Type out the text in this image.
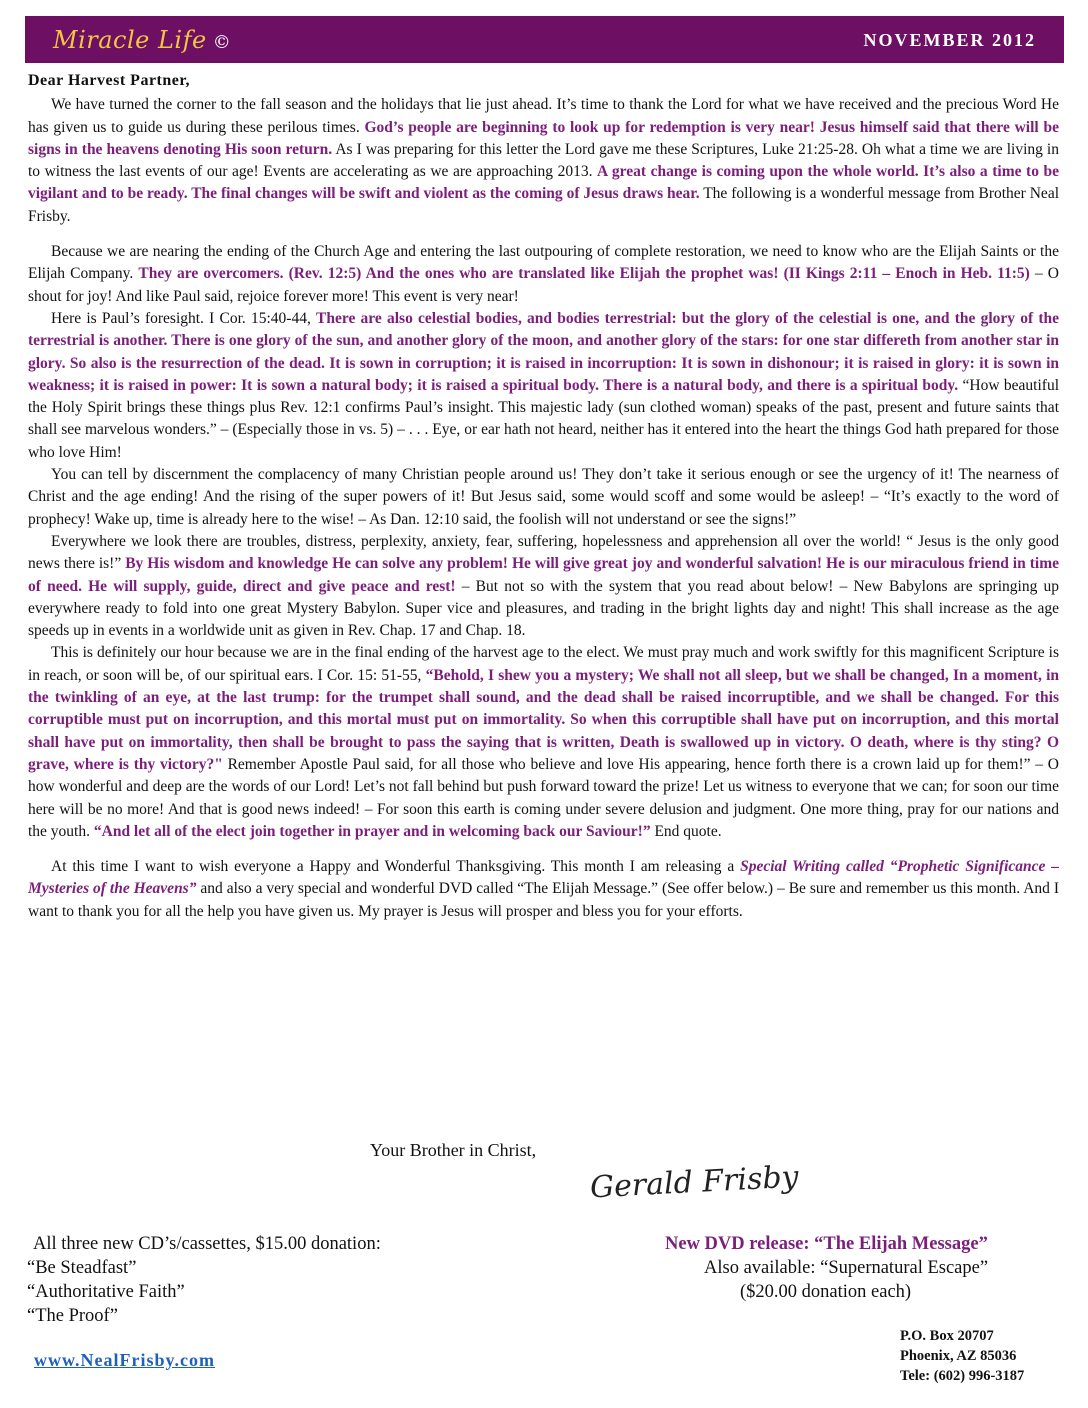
Miracle Life ©	NOVEMBER 2012
Dear Harvest Partner,

We have turned the corner to the fall season and the holidays that lie just ahead. It’s time to thank the Lord for what we have received and the precious Word He has given us to guide us during these perilous times. God’s people are beginning to look up for redemption is very near! Jesus himself said that there will be signs in the heavens denoting His soon return. As I was preparing for this letter the Lord gave me these Scriptures, Luke 21:25-28. Oh what a time we are living in to witness the last events of our age! Events are accelerating as we are approaching 2013. A great change is coming upon the whole world. It’s also a time to be vigilant and to be ready. The final changes will be swift and violent as the coming of Jesus draws hear. The following is a wonderful message from Brother Neal Frisby.

Because we are nearing the ending of the Church Age and entering the last outpouring of complete restoration, we need to know who are the Elijah Saints or the Elijah Company. They are overcomers. (Rev. 12:5) And the ones who are translated like Elijah the prophet was! (II Kings 2:11 – Enoch in Heb. 11:5) – O shout for joy! And like Paul said, rejoice forever more! This event is very near!

Here is Paul’s foresight. I Cor. 15:40-44, There are also celestial bodies, and bodies terrestrial: but the glory of the celestial is one, and the glory of the terrestrial is another. There is one glory of the sun, and another glory of the moon, and another glory of the stars: for one star differeth from another star in glory. So also is the resurrection of the dead. It is sown in corruption; it is raised in incorruption: It is sown in dishonour; it is raised in glory: it is sown in weakness; it is raised in power: It is sown a natural body; it is raised a spiritual body. There is a natural body, and there is a spiritual body. “How beautiful the Holy Spirit brings these things plus Rev. 12:1 confirms Paul’s insight. This majestic lady (sun clothed woman) speaks of the past, present and future saints that shall see marvelous wonders.” – (Especially those in vs. 5) – . . . Eye, or ear hath not heard, neither has it entered into the heart the things God hath prepared for those who love Him!

You can tell by discernment the complacency of many Christian people around us! They don’t take it serious enough or see the urgency of it! The nearness of Christ and the age ending! And the rising of the super powers of it! But Jesus said, some would scoff and some would be asleep! – “It’s exactly to the word of prophecy! Wake up, time is already here to the wise! – As Dan. 12:10 said, the foolish will not understand or see the signs!”

Everywhere we look there are troubles, distress, perplexity, anxiety, fear, suffering, hopelessness and apprehension all over the world! “ Jesus is the only good news there is!” By His wisdom and knowledge He can solve any problem! He will give great joy and wonderful salvation! He is our miraculous friend in time of need. He will supply, guide, direct and give peace and rest! – But not so with the system that you read about below! – New Babylons are springing up everywhere ready to fold into one great Mystery Babylon. Super vice and pleasures, and trading in the bright lights day and night! This shall increase as the age speeds up in events in a worldwide unit as given in Rev. Chap. 17 and Chap. 18.

This is definitely our hour because we are in the final ending of the harvest age to the elect. We must pray much and work swiftly for this magnificent Scripture is in reach, or soon will be, of our spiritual ears. I Cor. 15: 51-55, “Behold, I shew you a mystery; We shall not all sleep, but we shall be changed, In a moment, in the twinkling of an eye, at the last trump: for the trumpet shall sound, and the dead shall be raised incorruptible, and we shall be changed. For this corruptible must put on incorruption, and this mortal must put on immortality. So when this corruptible shall have put on incorruption, and this mortal shall have put on immortality, then shall be brought to pass the saying that is written, Death is swallowed up in victory. O death, where is thy sting? O grave, where is thy victory?" Remember Apostle Paul said, for all those who believe and love His appearing, hence forth there is a crown laid up for them!” – O how wonderful and deep are the words of our Lord! Let’s not fall behind but push forward toward the prize! Let us witness to everyone that we can; for soon our time here will be no more! And that is good news indeed! – For soon this earth is coming under severe delusion and judgment. One more thing, pray for our nations and the youth. “And let all of the elect join together in prayer and in welcoming back our Saviour!” End quote.

At this time I want to wish everyone a Happy and Wonderful Thanksgiving. This month I am releasing a Special Writing called “Prophetic Significance – Mysteries of the Heavens” and also a very special and wonderful DVD called “The Elijah Message.” (See offer below.) – Be sure and remember us this month. And I want to thank you for all the help you have given us. My prayer is Jesus will prosper and bless you for your efforts.

Your Brother in Christ,
Gerald Frisby
All three new CD’s/cassettes, $15.00 donation:
“Be Steadfast”
“Authoritative Faith”
“The Proof”
New DVD release: “The Elijah Message”
Also available: “Supernatural Escape”
($20.00 donation each)
www.NealFrisby.com
P.O. Box 20707
Phoenix, AZ 85036
Tele: (602) 996-3187
